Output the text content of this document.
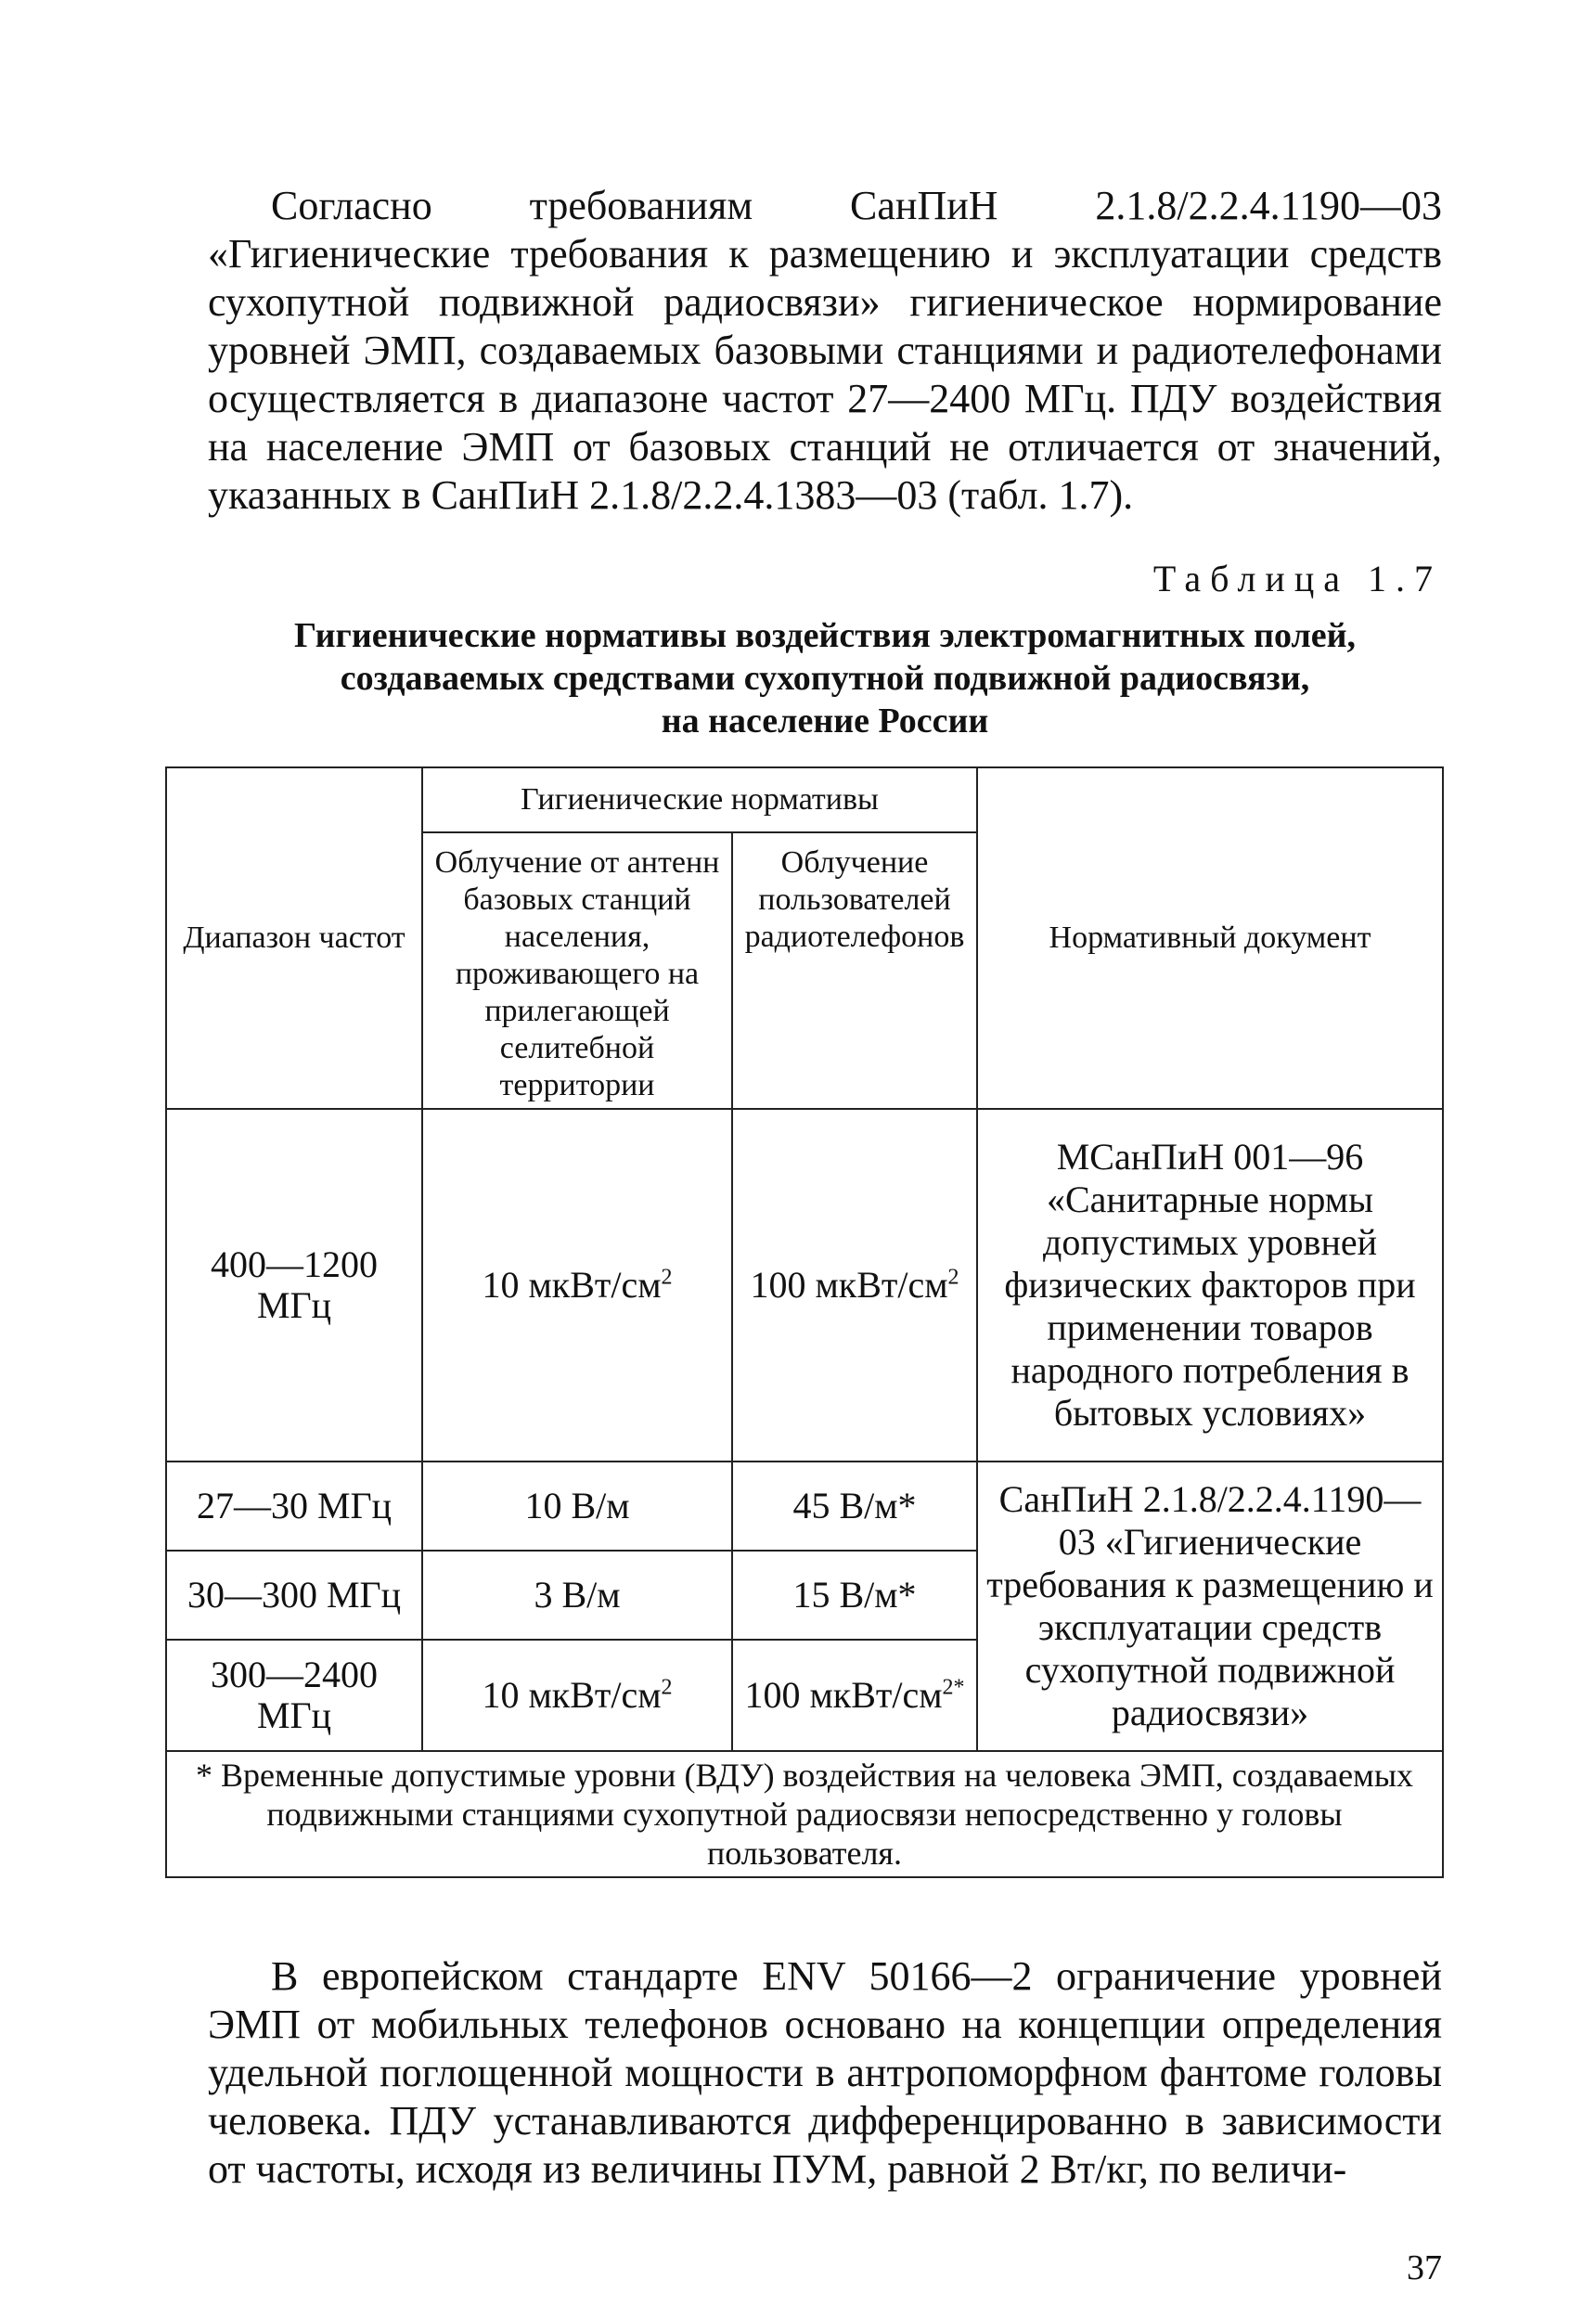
Согласно требованиям СанПиН 2.1.8/2.2.4.1190—03 «Гигиенические требования к размещению и эксплуатации средств сухопутной подвижной радиосвязи» гигиеническое нормирование уровней ЭМП, создаваемых базовыми станциями и радиотелефонами осуществляется в диапазоне частот 27—2400 МГц. ПДУ воздействия на население ЭМП от базовых станций не отличается от значений, указанных в СанПиН 2.1.8/2.2.4.1383—03 (табл. 1.7).

Таблица 1.7
Гигиенические нормативы воздействия электромагнитных полей,
создаваемых средствами сухопутной подвижной радиосвязи,
на население России
Диапазон частот	Гигиенические нормативы		Нормативный документ
	Облучение от антенн базовых станций населения, проживающего на прилегающей селитебной территории	Облучение пользователей радиотелефонов	
400—1200 МГц	10 мкВт/$см^2$	100 мкВт/$см^2$	МСанПиН 001—96 «Санитарные нормы допустимых уровней физических факторов при применении товаров народного потребления в бытовых условиях»
27—30 МГц	10 В/м	45 В/м*	СанПиН 2.1.8/2.2.4.1190—03 «Гигиенические требования к размещению и эксплуатации средств сухопутной подвижной радиосвязи»
30—300 МГц	3 В/м	15 В/м*	
300—2400 МГц	10 мкВт/$см^2$	100 мкВт/$см^{2*}$
* Временные допустимые уровни (ВДУ) воздействия на человека ЭМП, создаваемых подвижными станциями сухопутной радиосвязи непосредственно у головы пользователя.			

В европейском стандарте ENV 50166—2 ограничение уровней ЭМП от мобильных телефонов основано на концепции определения удельной поглощенной мощности в антропоморфном фантоме головы человека. ПДУ устанавливаются дифференцированно в зависимости от частоты, исходя из величины ПУМ, равной 2 Вт/кг, по величи-

37
